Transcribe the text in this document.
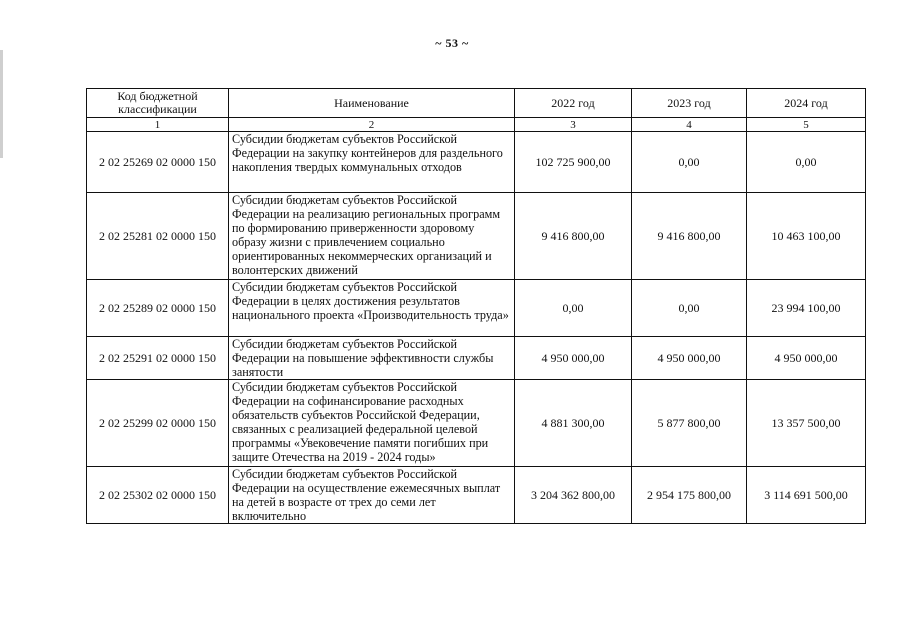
~ 53 ~
Код бюджетной классификации	Наименование	2022 год	2023 год	2024 год
1	2	3	4	5
2 02 25269 02 0000 150	Субсидии бюджетам субъектов Российской Федерации на закупку контейнеров для раздельного накопления твердых коммунальных отходов	102 725 900,00	0,00	0,00
2 02 25281 02 0000 150	Субсидии бюджетам субъектов Российской Федерации на реализацию региональных программ по формированию приверженности здоровому образу жизни с привлечением социально ориентированных некоммерческих организаций и волонтерских движений	9 416 800,00	9 416 800,00	10 463 100,00
2 02 25289 02 0000 150	Субсидии бюджетам субъектов Российской Федерации в целях достижения результатов национального проекта «Производительность труда»	0,00	0,00	23 994 100,00
2 02 25291 02 0000 150	Субсидии бюджетам субъектов Российской Федерации на повышение эффективности службы занятости	4 950 000,00	4 950 000,00	4 950 000,00
2 02 25299 02 0000 150	Субсидии бюджетам субъектов Российской Федерации на софинансирование расходных обязательств субъектов Российской Федерации, связанных с реализацией федеральной целевой программы «Увековечение памяти погибших при защите Отечества на 2019 - 2024 годы»	4 881 300,00	5 877 800,00	13 357 500,00
2 02 25302 02 0000 150	Субсидии бюджетам субъектов Российской Федерации на осуществление ежемесячных выплат на детей в возрасте от трех до семи лет включительно	3 204 362 800,00	2 954 175 800,00	3 114 691 500,00
